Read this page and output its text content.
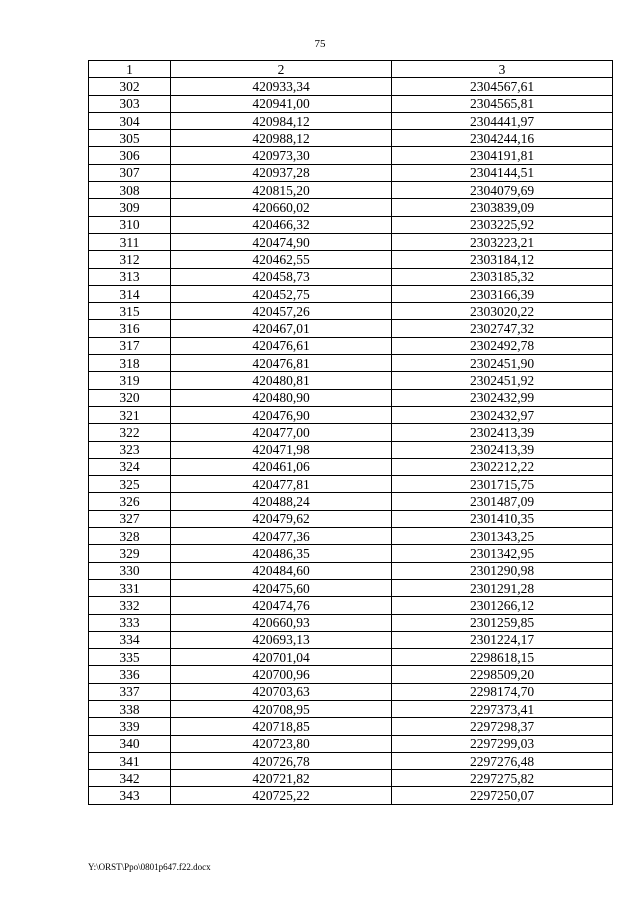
75
1	2	3
302	420933,34	2304567,61
303	420941,00	2304565,81
304	420984,12	2304441,97
305	420988,12	2304244,16
306	420973,30	2304191,81
307	420937,28	2304144,51
308	420815,20	2304079,69
309	420660,02	2303839,09
310	420466,32	2303225,92
311	420474,90	2303223,21
312	420462,55	2303184,12
313	420458,73	2303185,32
314	420452,75	2303166,39
315	420457,26	2303020,22
316	420467,01	2302747,32
317	420476,61	2302492,78
318	420476,81	2302451,90
319	420480,81	2302451,92
320	420480,90	2302432,99
321	420476,90	2302432,97
322	420477,00	2302413,39
323	420471,98	2302413,39
324	420461,06	2302212,22
325	420477,81	2301715,75
326	420488,24	2301487,09
327	420479,62	2301410,35
328	420477,36	2301343,25
329	420486,35	2301342,95
330	420484,60	2301290,98
331	420475,60	2301291,28
332	420474,76	2301266,12
333	420660,93	2301259,85
334	420693,13	2301224,17
335	420701,04	2298618,15
336	420700,96	2298509,20
337	420703,63	2298174,70
338	420708,95	2297373,41
339	420718,85	2297298,37
340	420723,80	2297299,03
341	420726,78	2297276,48
342	420721,82	2297275,82
343	420725,22	2297250,07
Y:\ORST\Ppo\0801p647.f22.docx
